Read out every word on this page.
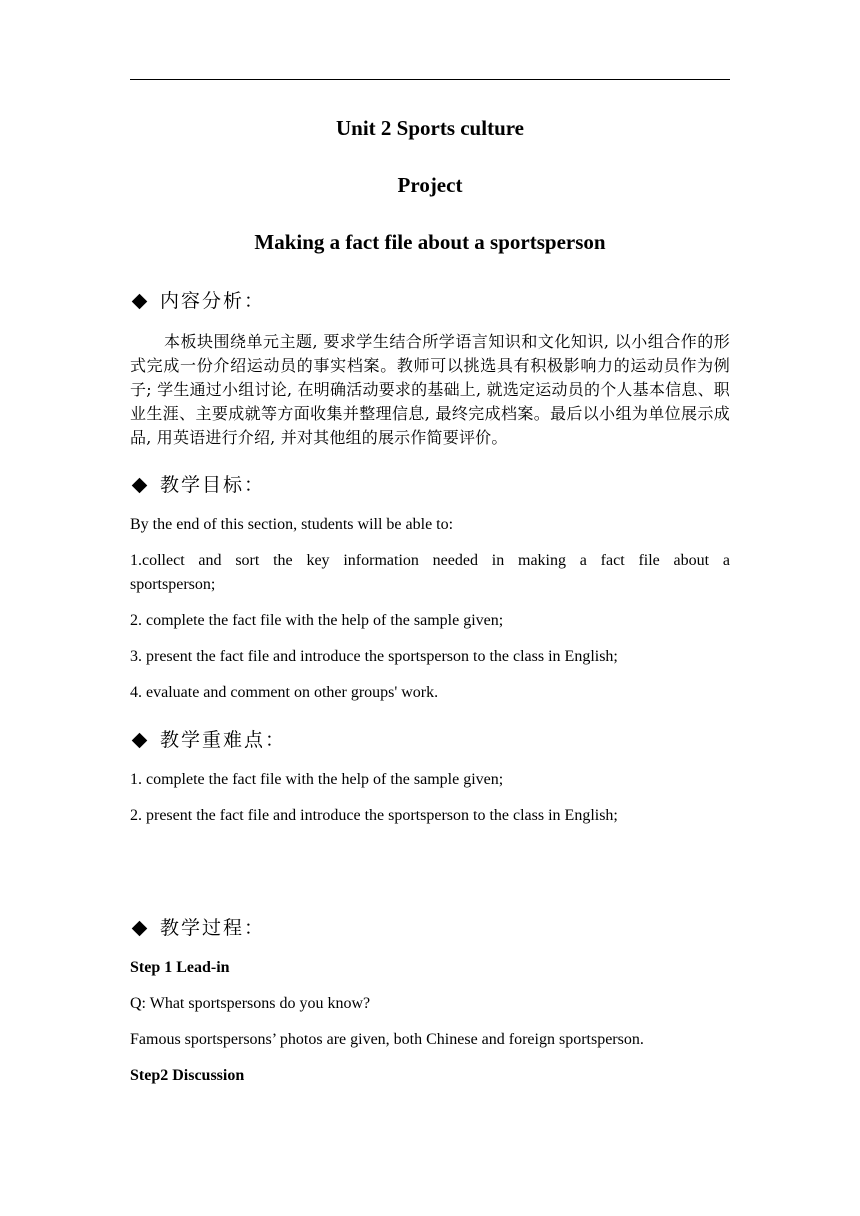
Unit 2 Sports culture

Project

Making a fact file about a sportsperson

内容分析：

本板块围绕单元主题, 要求学生结合所学语言知识和文化知识, 以小组合作的形式完成一份介绍运动员的事实档案。教师可以挑选具有积极影响力的运动员作为例子; 学生通过小组讨论, 在明确活动要求的基础上, 就选定运动员的个人基本信息、职业生涯、主要成就等方面收集并整理信息, 最终完成档案。最后以小组为单位展示成品, 用英语进行介绍, 并对其他组的展示作简要评价。

教学目标：

By the end of this section, students will be able to:

1.collect and sort the key information needed in making a fact file about a sportsperson;

2. complete the fact file with the help of the sample given;

3. present the fact file and introduce the sportsperson to the class in English;

4. evaluate and comment on other groups' work.

教学重难点：

1. complete the fact file with the help of the sample given;

2. present the fact file and introduce the sportsperson to the class in English;

教学过程：

Step 1 Lead-in

Q: What sportspersons do you know?

Famous sportspersons’ photos are given, both Chinese and foreign sportsperson.

Step2 Discussion
